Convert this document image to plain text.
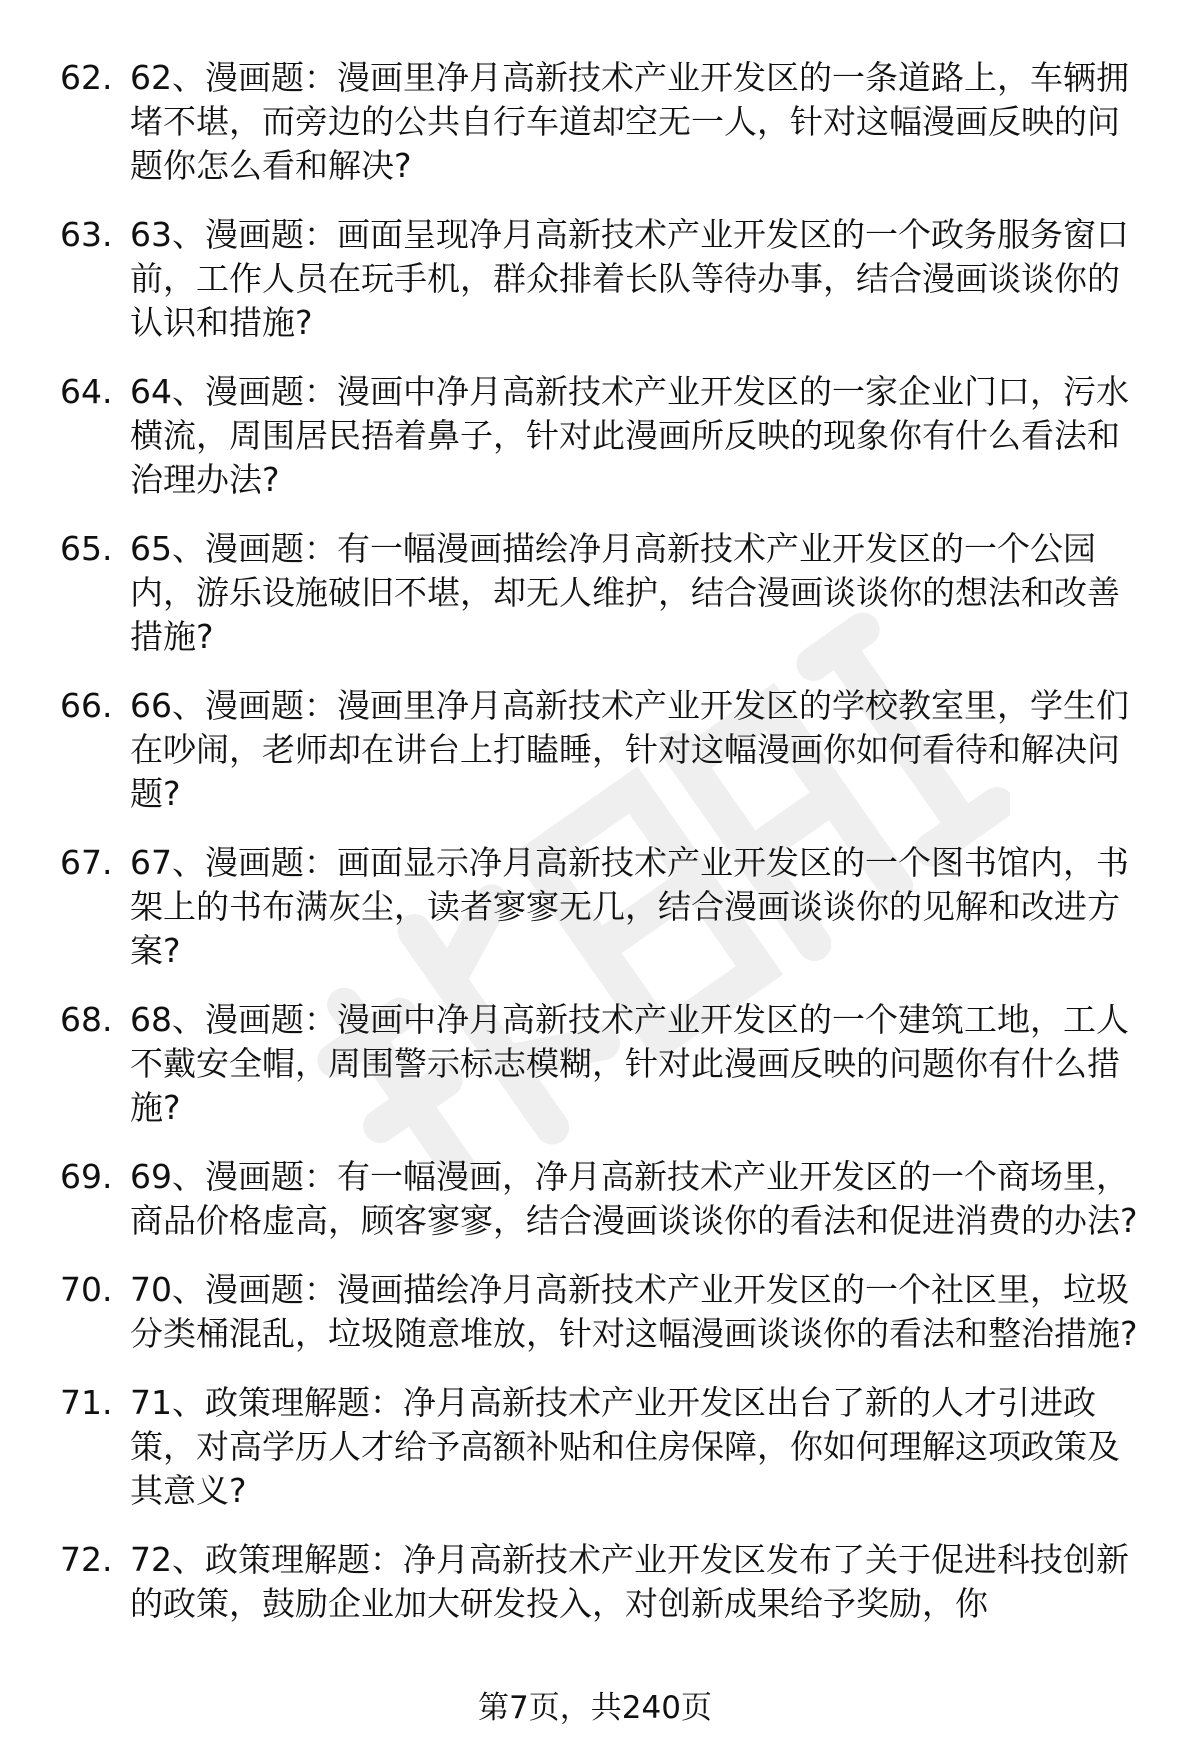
62. 62、漫画题：漫画里净月高新技术产业开发区的一条道路上，车辆拥堵不堪，而旁边的公共自行车道却空无一人，针对这幅漫画反映的问题你怎么看和解决?
63. 63、漫画题：画面呈现净月高新技术产业开发区的一个政务服务窗口前，工作人员在玩手机，群众排着长队等待办事，结合漫画谈谈你的认识和措施?
64. 64、漫画题：漫画中净月高新技术产业开发区的一家企业门口，污水横流，周围居民捂着鼻子，针对此漫画所反映的现象你有什么看法和治理办法?
65. 65、漫画题：有一幅漫画描绘净月高新技术产业开发区的一个公园内，游乐设施破旧不堪，却无人维护，结合漫画谈谈你的想法和改善措施?
66. 66、漫画题：漫画里净月高新技术产业开发区的学校教室里，学生们在吵闹，老师却在讲台上打瞌睡，针对这幅漫画你如何看待和解决问题?
67. 67、漫画题：画面显示净月高新技术产业开发区的一个图书馆内，书架上的书布满灰尘，读者寥寥无几，结合漫画谈谈你的见解和改进方案?
68. 68、漫画题：漫画中净月高新技术产业开发区的一个建筑工地，工人不戴安全帽，周围警示标志模糊，针对此漫画反映的问题你有什么措施?
69. 69、漫画题：有一幅漫画，净月高新技术产业开发区的一个商场里，商品价格虚高，顾客寥寥，结合漫画谈谈你的看法和促进消费的办法?
70. 70、漫画题：漫画描绘净月高新技术产业开发区的一个社区里，垃圾分类桶混乱，垃圾随意堆放，针对这幅漫画谈谈你的看法和整治措施?
71. 71、政策理解题：净月高新技术产业开发区出台了新的人才引进政策，对高学历人才给予高额补贴和住房保障，你如何理解这项政策及其意义?
72. 72、政策理解题：净月高新技术产业开发区发布了关于促进科技创新的政策，鼓励企业加大研发投入，对创新成果给予奖励，你
第7页，共240页
